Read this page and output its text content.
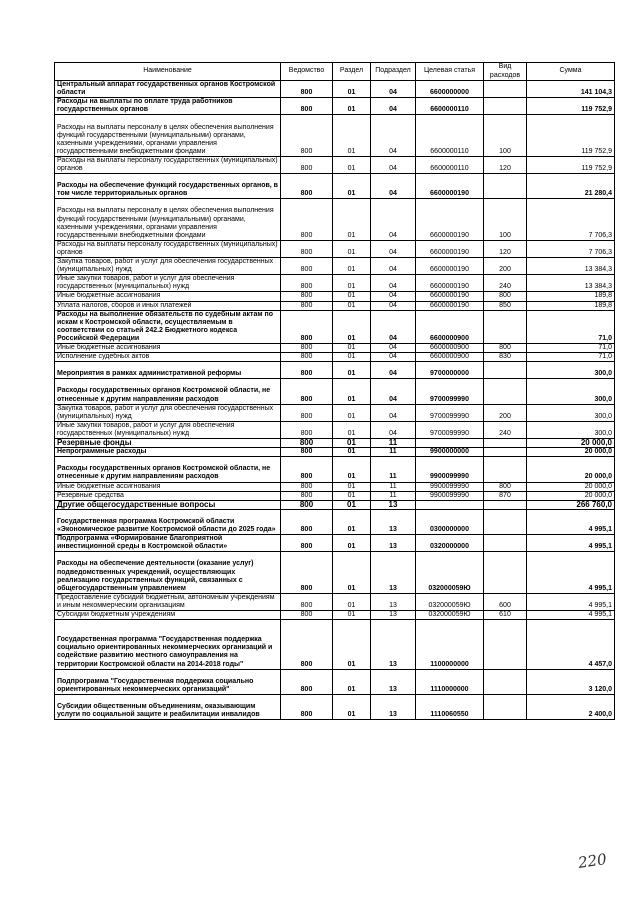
Наименование	Ведомство	Раздел	Подраздел	Целевая статья	Вид расходов	Сумма
Центральный аппарат государственных органов Костромской области	800	01	04	6600000000		141 104,3
Расходы на выплаты по оплате труда работников государственных органов	800	01	04	6600000110		119 752,9
Расходы на выплаты персоналу в целях обеспечения выполнения функций государственными (муниципальными) органами, казенными учреждениями, органами управления государственными внебюджетными фондами	800	01	04	6600000110	100	119 752,9
Расходы на выплаты персоналу государственных (муниципальных) органов	800	01	04	6600000110	120	119 752,9
Расходы на обеспечение функций государственных органов, в том числе территориальных органов	800	01	04	6600000190		21 280,4
Расходы на выплаты персоналу в целях обеспечения выполнения функций государственными (муниципальными) органами, казенными учреждениями, органами управления государственными внебюджетными фондами	800	01	04	6600000190	100	7 706,3
Расходы на выплаты персоналу государственных (муниципальных) органов	800	01	04	6600000190	120	7 706,3
Закупка товаров, работ и услуг для обеспечения государственных (муниципальных) нужд	800	01	04	6600000190	200	13 384,3
Иные закупки товаров, работ и услуг для обеспечения государственных (муниципальных) нужд	800	01	04	6600000190	240	13 384,3
Иные бюджетные ассигнования	800	01	04	6600000190	800	189,8
Уплата налогов, сборов и иных платежей	800	01	04	6600000190	850	189,8
Расходы на выполнение обязательств по судебным актам по искам к Костромской области, осуществляемым в соответствии со статьей 242.2 Бюджетного кодекса Российской Федерации	800	01	04	6600000900		71,0
Иные бюджетные ассигнования	800	01	04	6600000900	800	71,0
Исполнение судебных актов	800	01	04	6600000900	830	71,0
Мероприятия в рамках административной реформы	800	01	04	9700000000		300,0
Расходы государственных органов Костромской области, не отнесенные к другим направлениям расходов	800	01	04	9700099990		300,0
Закупка товаров, работ и услуг для обеспечения государственных (муниципальных) нужд	800	01	04	9700099990	200	300,0
Иные закупки товаров, работ и услуг для обеспечения государственных (муниципальных) нужд	800	01	04	9700099990	240	300,0
Резервные фонды	800	01	11			20 000,0
Непрограммные расходы	800	01	11	9900000000		20 000,0
Расходы государственных органов Костромской области, не отнесенные к другим направлениям расходов	800	01	11	9900099990		20 000,0
Иные бюджетные ассигнования	800	01	11	9900099990	800	20 000,0
Резервные средства	800	01	11	9900099990	870	20 000,0
Другие общегосударственные вопросы	800	01	13			266 760,0
Государственная программа Костромской области «Экономическое развитие Костромской области до 2025 года»	800	01	13	0300000000		4 995,1
Подпрограмма «Формирование благоприятной инвестиционной среды в Костромской области»	800	01	13	0320000000		4 995,1
Расходы на обеспечение деятельности (оказание услуг) подведомственных учреждений, осуществляющих реализацию государственных функций, связанных с общегосударственным управлением	800	01	13	032000059Ю		4 995,1
Предоставление субсидий бюджетным, автономным учреждениям и иным некоммерческим организациям	800	01	13	032000059Ю	600	4 995,1
Субсидии бюджетным учреждениям	800	01	13	032000059Ю	610	4 995,1
Государственная программа "Государственная поддержка социально ориентированных некоммерческих организаций и содействие развитию местного самоуправления на территории Костромской области на 2014-2018 годы"	800	01	13	1100000000		4 457,0
Подпрограмма "Государственная поддержка социально ориентированных некоммерческих организаций"	800	01	13	1110000000		3 120,0
Субсидии общественным объединениям, оказывающим услуги по социальной защите и реабилитации инвалидов	800	01	13	1110060550		2 400,0
220
